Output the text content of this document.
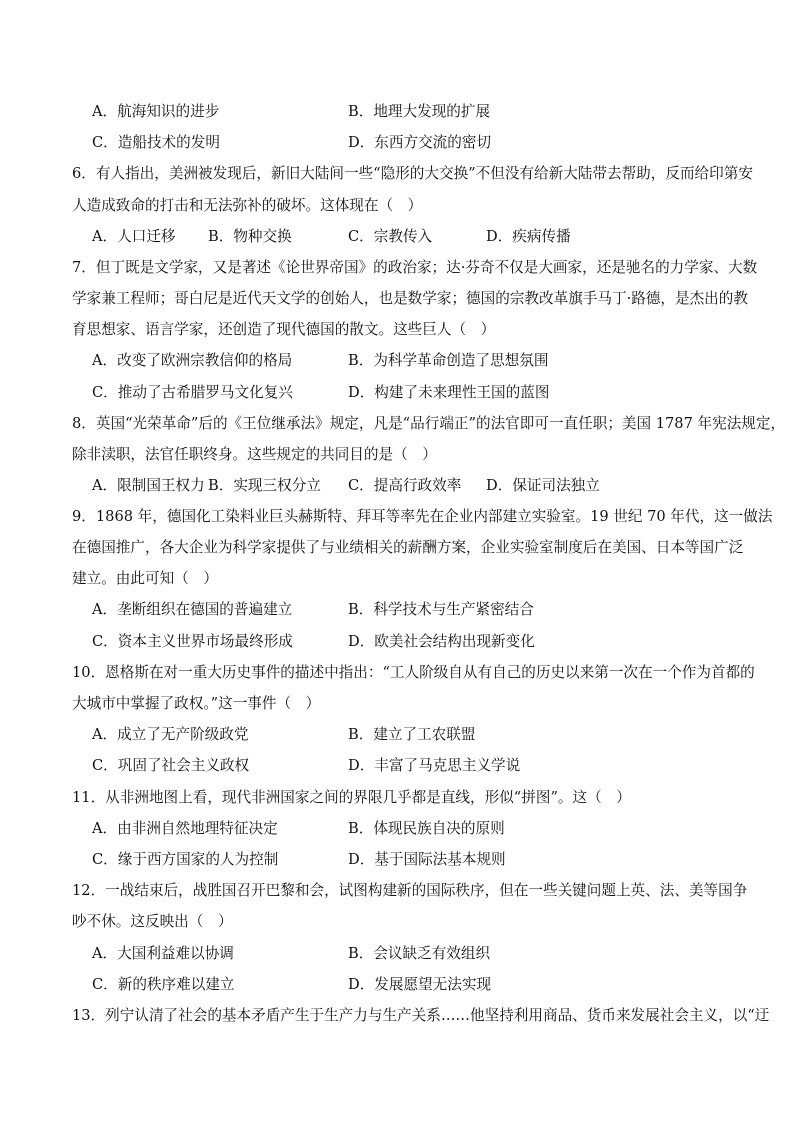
A．航海知识的进步	B．地理大发现的扩展
C．造船技术的发明	D．东西方交流的密切
6．有人指出，美洲被发现后，新旧大陆间一些“隐形的大交换”不但没有给新大陆带去帮助，反而给印第安
人造成致命的打击和无法弥补的破坏。这体现在（　）
A．人口迁移 B．物种交换	C．宗教传入	D．疾病传播
7．但丁既是文学家，又是著述《论世界帝国》的政治家；达·芬奇不仅是大画家，还是驰名的力学家、大数
学家兼工程师；哥白尼是近代天文学的创始人，也是数学家；德国的宗教改革旗手马丁·路德，是杰出的教
育思想家、语言学家，还创造了现代德国的散文。这些巨人（　）
A．改变了欧洲宗教信仰的格局	B．为科学革命创造了思想氛围
C．推动了古希腊罗马文化复兴	D．构建了未来理性王国的蓝图
8．英国“光荣革命”后的《王位继承法》规定，凡是“品行端正”的法官即可一直任职；美国 1787 年宪法规定，
除非渎职，法官任职终身。这些规定的共同目的是（　）
A．限制国王权力 B．实现三权分立 C．提高行政效率 D．保证司法独立
9．1868 年，德国化工染料业巨头赫斯特、拜耳等率先在企业内部建立实验室。19 世纪 70 年代，这一做法
在德国推广，各大企业为科学家提供了与业绩相关的薪酬方案，企业实验室制度后在美国、日本等国广泛
建立。由此可知（　）
A．垄断组织在德国的普遍建立	B．科学技术与生产紧密结合
C．资本主义世界市场最终形成	D．欧美社会结构出现新变化
10．恩格斯在对一重大历史事件的描述中指出：“工人阶级自从有自己的历史以来第一次在一个作为首都的
大城市中掌握了政权。”这一事件（　）
A．成立了无产阶级政党	B．建立了工农联盟
C．巩固了社会主义政权	D．丰富了马克思主义学说
11．从非洲地图上看，现代非洲国家之间的界限几乎都是直线，形似“拼图”。这（　）
A．由非洲自然地理特征决定	B．体现民族自决的原则
C．缘于西方国家的人为控制	D．基于国际法基本规则
12．一战结束后，战胜国召开巴黎和会，试图构建新的国际秩序，但在一些关键问题上英、法、美等国争
吵不休。这反映出（　）
A．大国利益难以协调	B．会议缺乏有效组织
C．新的秩序难以建立	D．发展愿望无法实现
13．列宁认清了社会的基本矛盾产生于生产力与生产关系……他坚持利用商品、货币来发展社会主义，以“迂
